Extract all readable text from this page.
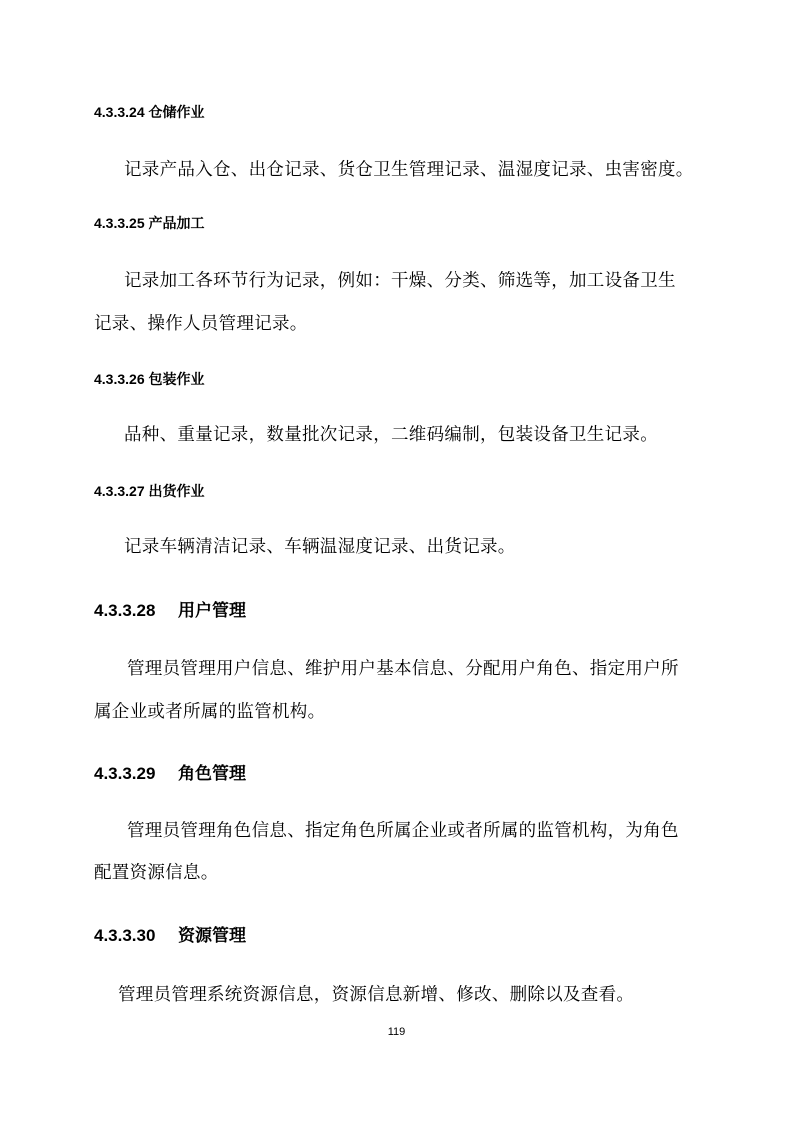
4.3.3.24 仓储作业
记录产品入仓、出仓记录、货仓卫生管理记录、温湿度记录、虫害密度。
4.3.3.25 产品加工
记录加工各环节行为记录，例如：干燥、分类、筛选等，加工设备卫生
记录、操作人员管理记录。
4.3.3.26 包装作业
品种、重量记录，数量批次记录，二维码编制，包装设备卫生记录。
4.3.3.27 出货作业
记录车辆清洁记录、车辆温湿度记录、出货记录。
4.3.3.28 用户管理
管理员管理用户信息、维护用户基本信息、分配用户角色、指定用户所
属企业或者所属的监管机构。
4.3.3.29 角色管理
管理员管理角色信息、指定角色所属企业或者所属的监管机构，为角色
配置资源信息。
4.3.3.30 资源管理
管理员管理系统资源信息，资源信息新增、修改、删除以及查看。
119
